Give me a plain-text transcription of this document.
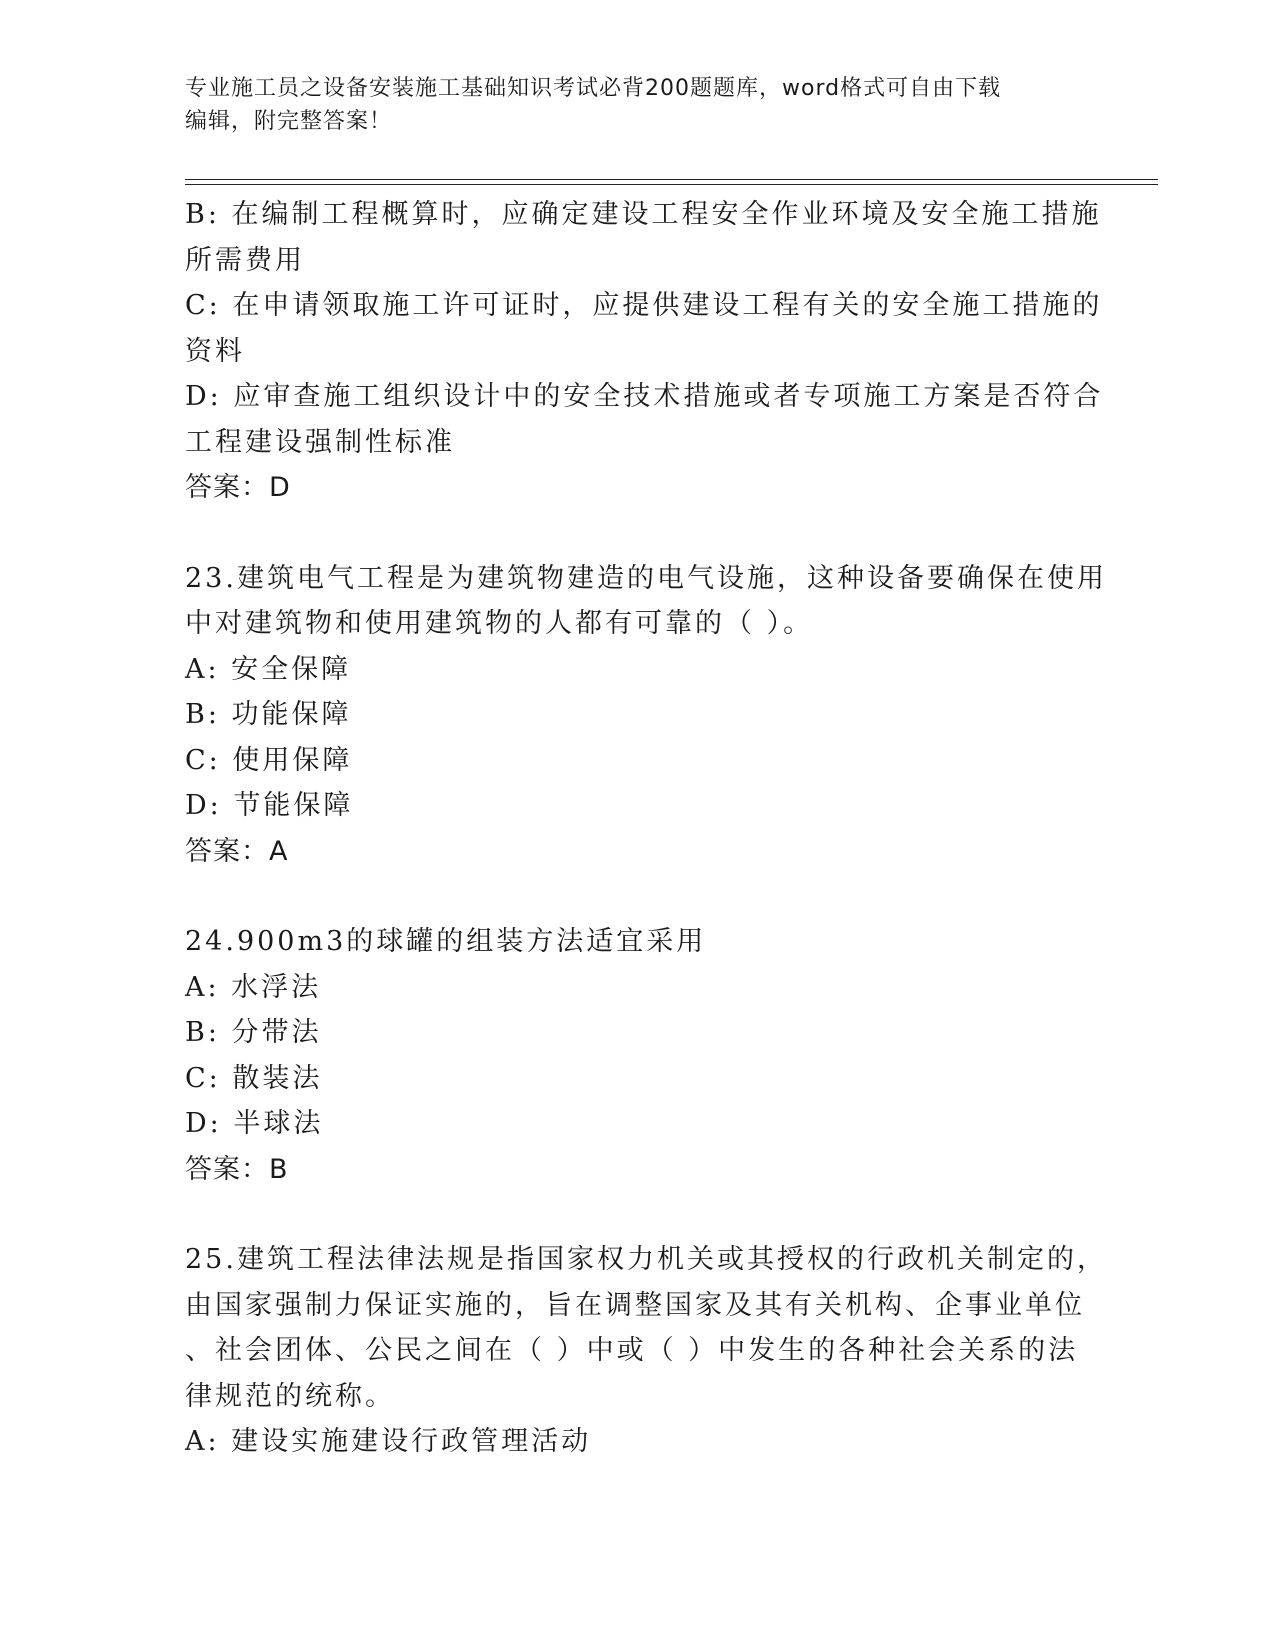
专业施工员之设备安装施工基础知识考试必背200题题库，word格式可自由下载
编辑，附完整答案！
B: 在编制工程概算时，应确定建设工程安全作业环境及安全施工措施
所需费用
C: 在申请领取施工许可证时，应提供建设工程有关的安全施工措施的
资料
D: 应审查施工组织设计中的安全技术措施或者专项施工方案是否符合
工程建设强制性标准
答案：D
23.建筑电气工程是为建筑物建造的电气设施，这种设备要确保在使用
中对建筑物和使用建筑物的人都有可靠的（ ）。
A: 安全保障
B: 功能保障
C: 使用保障
D: 节能保障
答案：A
24.900m3的球罐的组装方法适宜采用
A: 水浮法
B: 分带法
C: 散装法
D: 半球法
答案：B
25.建筑工程法律法规是指国家权力机关或其授权的行政机关制定的，
由国家强制力保证实施的，旨在调整国家及其有关机构、企事业单位
、社会团体、公民之间在（ ）中或（ ）中发生的各种社会关系的法
律规范的统称。
A: 建设实施建设行政管理活动
